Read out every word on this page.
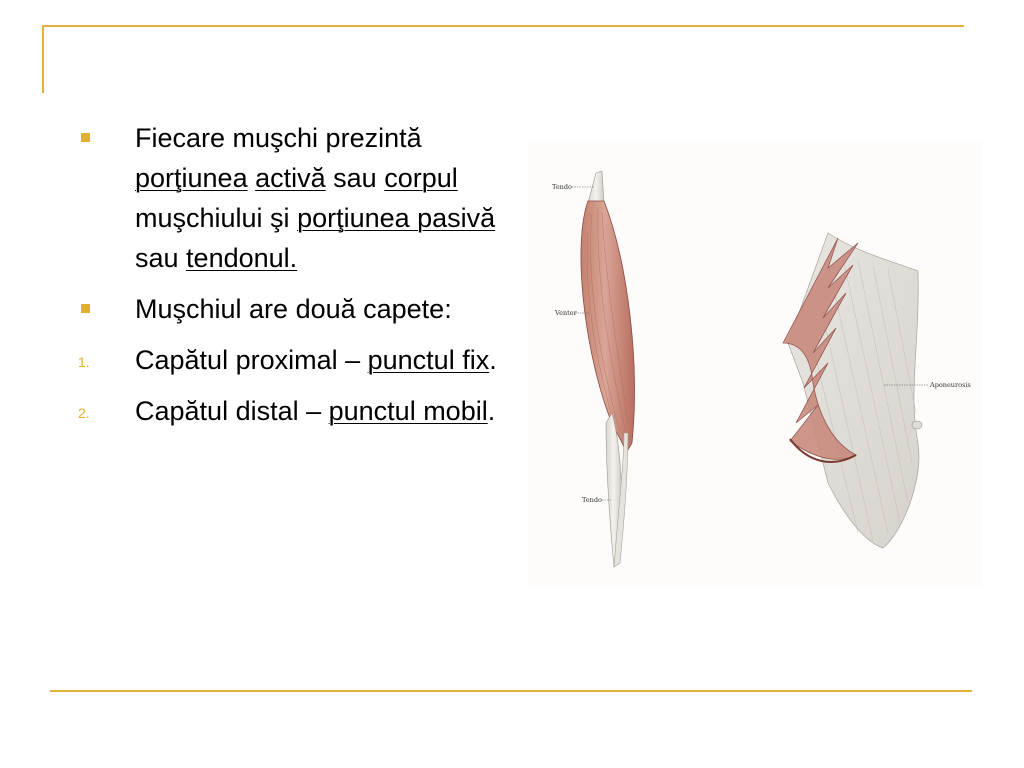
Fiecare muşchi prezintă porţiunea activă sau corpul muşchiului şi porţiunea pasivă sau tendonul.
Muşchiul are două capete:
1. Capătul proximal – punctul fix.
2. Capătul distal – punctul mobil.
Tendo
Venter
Tendo
Aponeurosis
